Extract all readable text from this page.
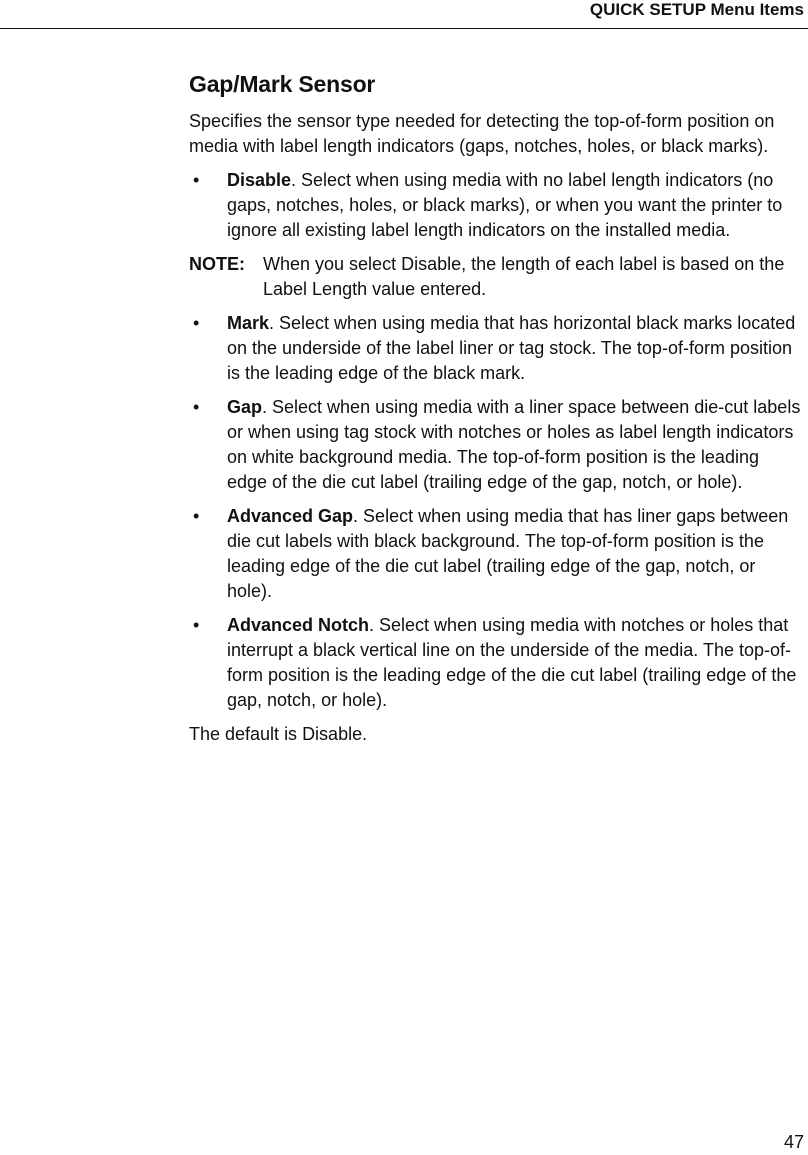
QUICK SETUP Menu Items
Gap/Mark Sensor
Specifies the sensor type needed for detecting the top-of-form position on media with label length indicators (gaps, notches, holes, or black marks).
• Disable. Select when using media with no label length indicators (no gaps, notches, holes, or black marks), or when you want the printer to ignore all existing label length indicators on the installed media.
NOTE: When you select Disable, the length of each label is based on the Label Length value entered.
• Mark. Select when using media that has horizontal black marks located on the underside of the label liner or tag stock. The top-of-form position is the leading edge of the black mark.
• Gap. Select when using media with a liner space between die-cut labels or when using tag stock with notches or holes as label length indicators on white background media. The top-of-form position is the leading edge of the die cut label (trailing edge of the gap, notch, or hole).
• Advanced Gap. Select when using media that has liner gaps between die cut labels with black background. The top-of-form position is the leading edge of the die cut label (trailing edge of the gap, notch, or hole).
• Advanced Notch. Select when using media with notches or holes that interrupt a black vertical line on the underside of the media. The top-of-form position is the leading edge of the die cut label (trailing edge of the gap, notch, or hole).
The default is Disable.
47
